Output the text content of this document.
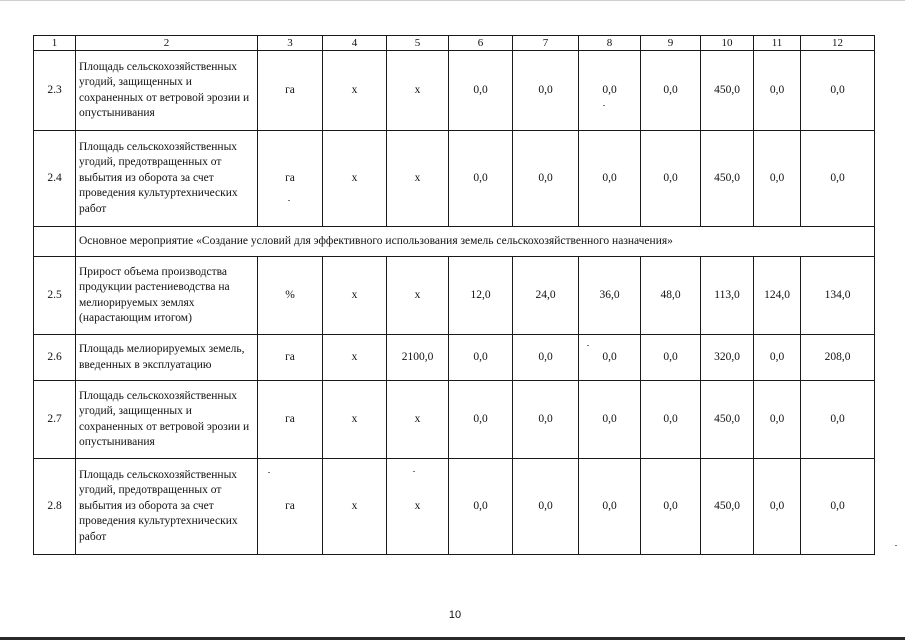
1	2	3	4	5	6	7	8	9	10	11	12
2.3	Площадь сельскохозяйственных угодий, защищенных и сохраненных от ветровой эрозии и опустынивания	га	х	х	0,0	0,0	0,0	0,0	450,0	0,0	0,0
2.4	Площадь сельскохозяйственных угодий, предотвращенных от выбытия из оборота за счет проведения культуртехнических работ	га	х	х	0,0	0,0	0,0	0,0	450,0	0,0	0,0
	Основное мероприятие «Создание условий для эффективного использования земель сельскохозяйственного назначения»										
2.5	Прирост объема производства продукции растениеводства на мелиорируемых землях (нарастающим итогом)	%	х	х	12,0	24,0	36,0	48,0	113,0	124,0	134,0
2.6	Площадь мелиорируемых земель, введенных в эксплуатацию	га	х	2100,0	0,0	0,0	0,0	0,0	320,0	0,0	208,0
2.7	Площадь сельскохозяйственных угодий, защищенных и сохраненных от ветровой эрозии и опустынивания	га	х	х	0,0	0,0	0,0	0,0	450,0	0,0	0,0
2.8	Площадь сельскохозяйственных угодий, предотвращенных от выбытия из оборота за счет проведения культуртехнических работ	га	х	х	0,0	0,0	0,0	0,0	450,0	0,0	0,0
10
